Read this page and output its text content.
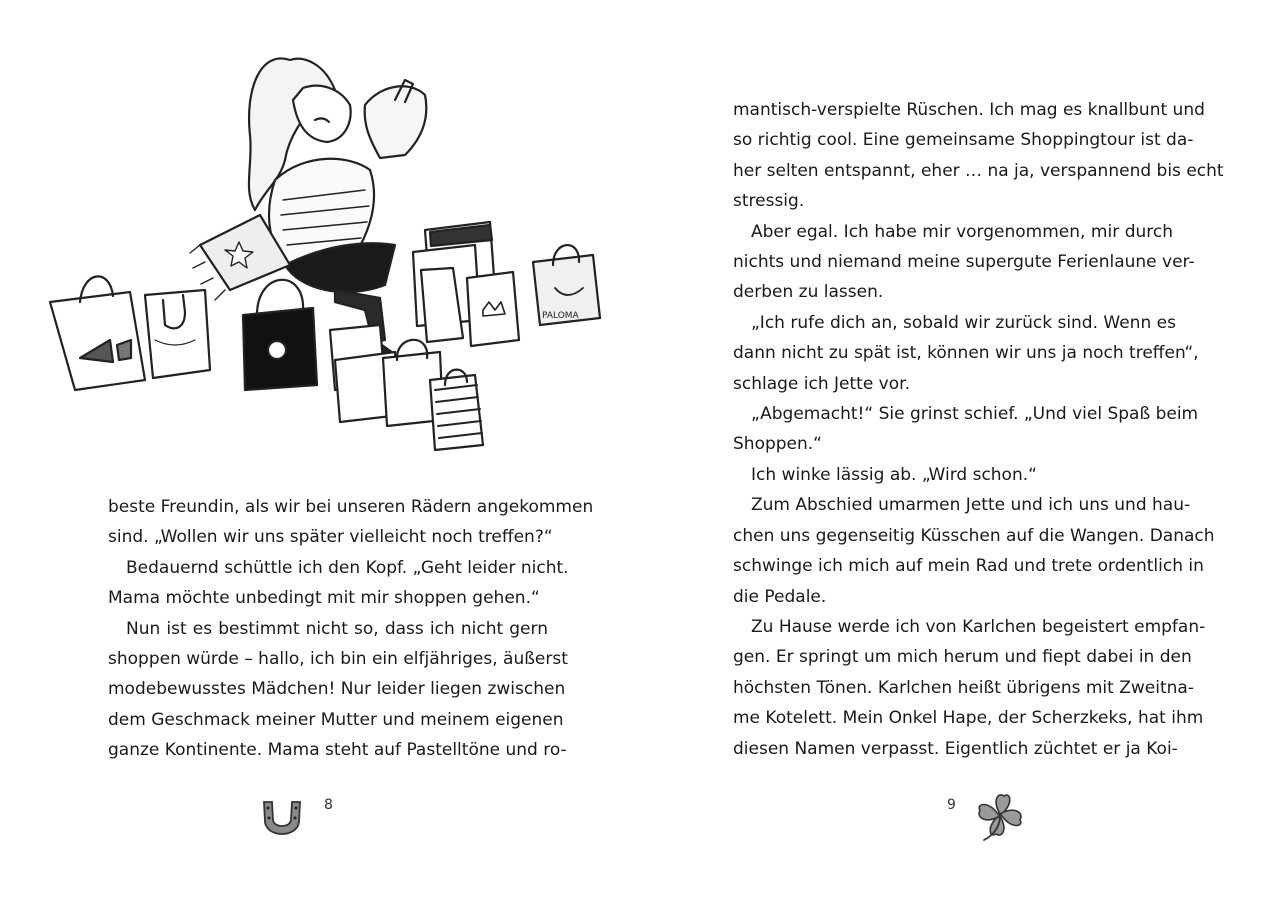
PALOMA
beste Freundin, als wir bei unseren Rädern angekommen
sind. „Wollen wir uns später vielleicht noch treffen?“
Bedauernd schüttle ich den Kopf. „Geht leider nicht.
Mama möchte unbedingt mit mir shoppen gehen.“
Nun ist es bestimmt nicht so, dass ich nicht gern
shoppen würde – hallo, ich bin ein elfjähriges, äußerst
modebewusstes Mädchen! Nur leider liegen zwischen
dem Geschmack meiner Mutter und meinem eigenen
ganze Kontinente. Mama steht auf Pastelltöne und ro-
8
mantisch-verspielte Rüschen. Ich mag es knallbunt und
so richtig cool. Eine gemeinsame Shoppingtour ist da-
her selten entspannt, eher … na ja, verspannend bis echt
stressig.
Aber egal. Ich habe mir vorgenommen, mir durch
nichts und niemand meine supergute Ferienlaune ver-
derben zu lassen.
„Ich rufe dich an, sobald wir zurück sind. Wenn es
dann nicht zu spät ist, können wir uns ja noch treffen“,
schlage ich Jette vor.
„Abgemacht!“ Sie grinst schief. „Und viel Spaß beim
Shoppen.“
Ich winke lässig ab. „Wird schon.“
Zum Abschied umarmen Jette und ich uns und hau-
chen uns gegenseitig Küsschen auf die Wangen. Danach
schwinge ich mich auf mein Rad und trete ordentlich in
die Pedale.
Zu Hause werde ich von Karlchen begeistert empfan-
gen. Er springt um mich herum und fiept dabei in den
höchsten Tönen. Karlchen heißt übrigens mit Zweitna-
me Kotelett. Mein Onkel Hape, der Scherzkeks, hat ihm
diesen Namen verpasst. Eigentlich züchtet er ja Koi-
9
